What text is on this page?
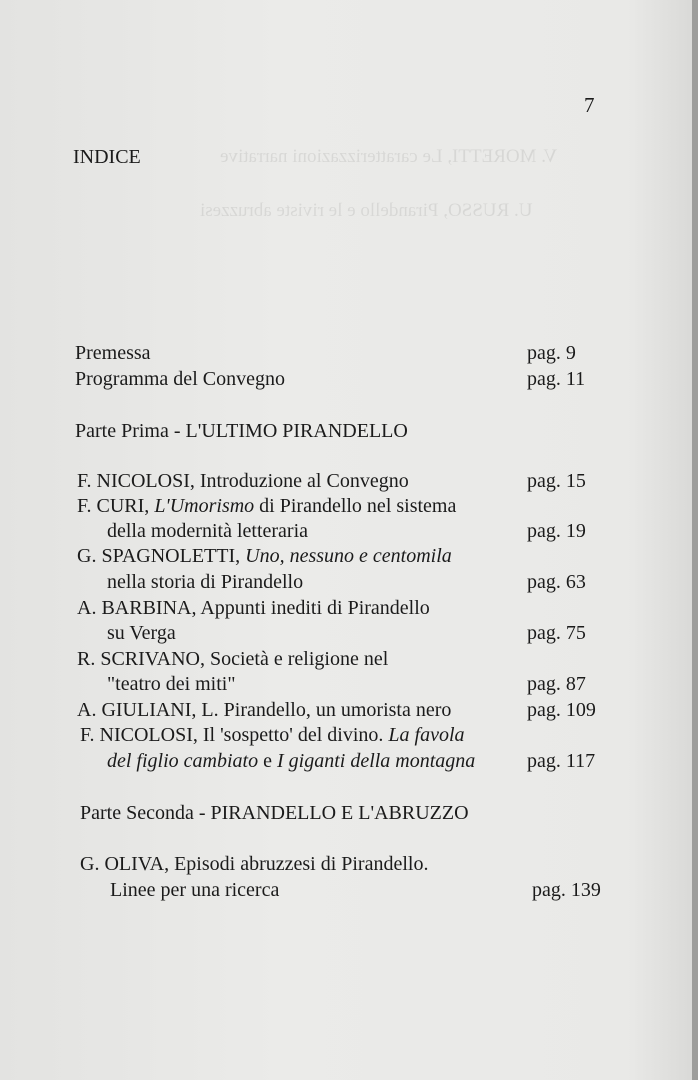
V. MORETTI, Le caratterizzazioni narrative
U. RUSSO, Pirandello e le riviste abruzzesi
7
INDICE
Premessa	pag. 9
Programma del Convegno	pag. 11
Parte Prima - L'ULTIMO PIRANDELLO
F. NICOLOSI, Introduzione al Convegno	pag. 15
F. CURI, L'Umorismo di Pirandello nel sistema
della modernità letteraria	pag. 19
G. SPAGNOLETTI, Uno, nessuno e centomila
nella storia di Pirandello	pag. 63
A. BARBINA, Appunti inediti di Pirandello
su Verga	pag. 75
R. SCRIVANO, Società e religione nel
"teatro dei miti"	pag. 87
A. GIULIANI, L. Pirandello, un umorista nero	pag. 109
F. NICOLOSI, Il 'sospetto' del divino. La favola
del figlio cambiato e I giganti della montagna	pag. 117
Parte Seconda - PIRANDELLO E L'ABRUZZO
G. OLIVA, Episodi abruzzesi di Pirandello.
Linee per una ricerca	pag. 139
